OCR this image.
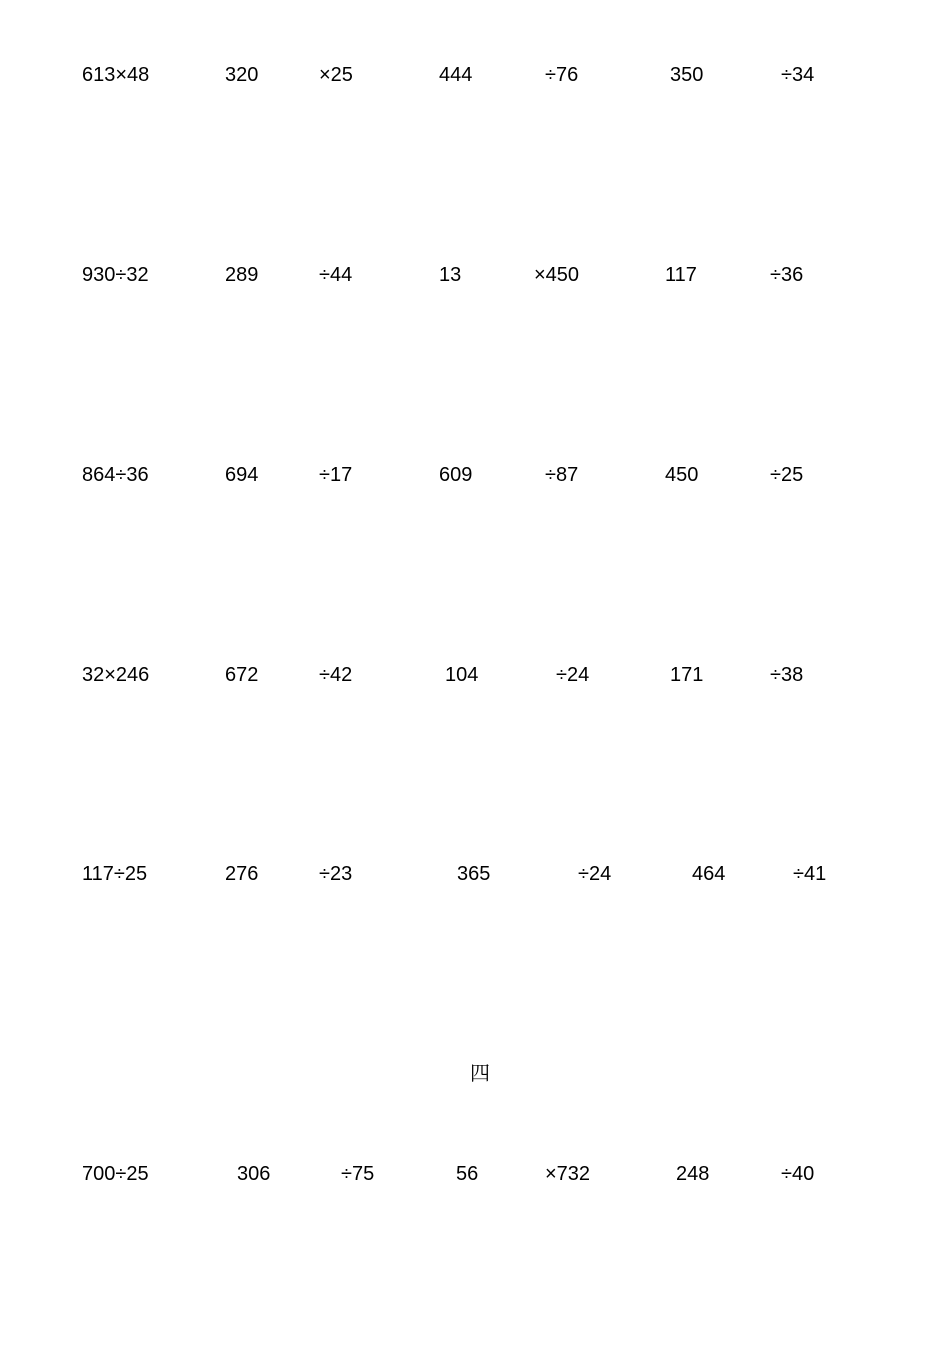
613×48	320	×25	444	÷76	350	÷34
930÷32	289	÷44	13	×450	117	÷36
864÷36	694	÷17	609	÷87	450	÷25
32×246	672	÷42	104	÷24	171	÷38
117÷25	276	÷23	365	÷24	464	÷41
四
700÷25	306	÷75	56	×732	248	÷40
